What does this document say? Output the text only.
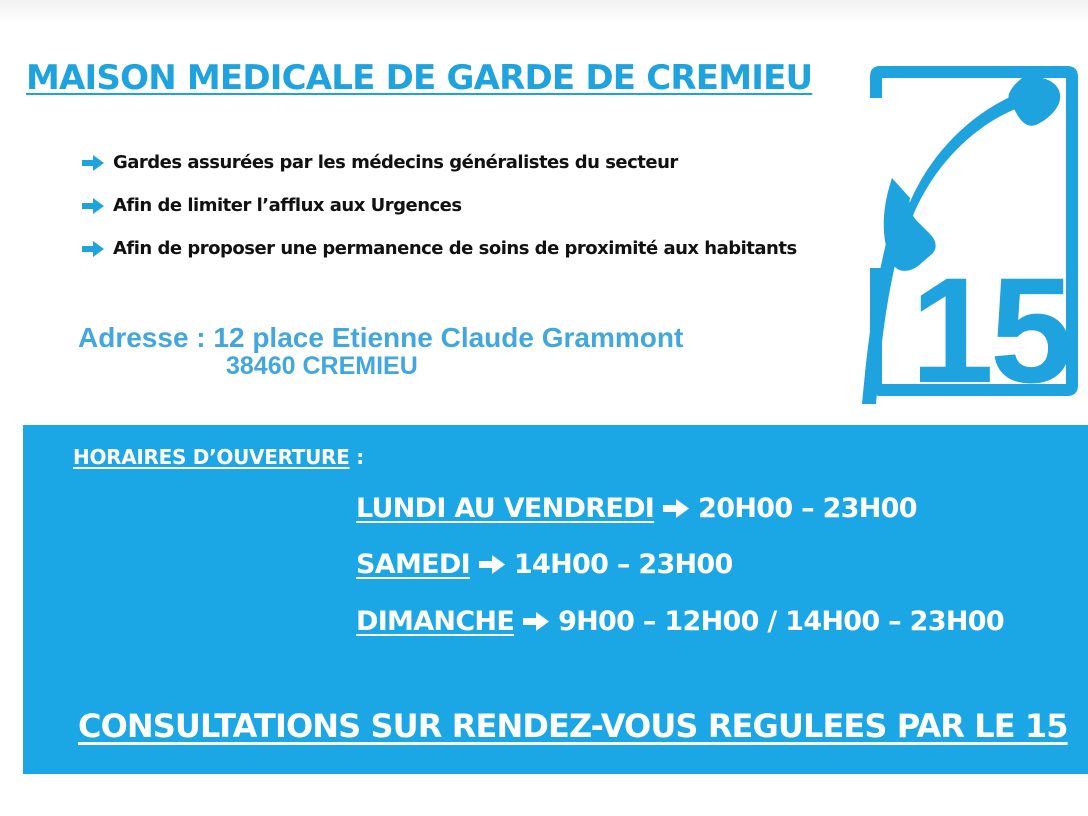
MAISON MEDICALE DE GARDE DE CREMIEU
Gardes assurées par les médecins généralistes du secteur
Afin de limiter l’afflux aux Urgences
Afin de proposer une permanence de soins de proximité aux habitants
Adresse : 12 place Etienne Claude Grammont
38460 CREMIEU	15
HORAIRES D’OUVERTURE :
LUNDI AU VENDREDI 20H00 – 23H00
SAMEDI 14H00 – 23H00
DIMANCHE 9H00 – 12H00 / 14H00 – 23H00
CONSULTATIONS SUR RENDEZ-VOUS REGULEES PAR LE 15
